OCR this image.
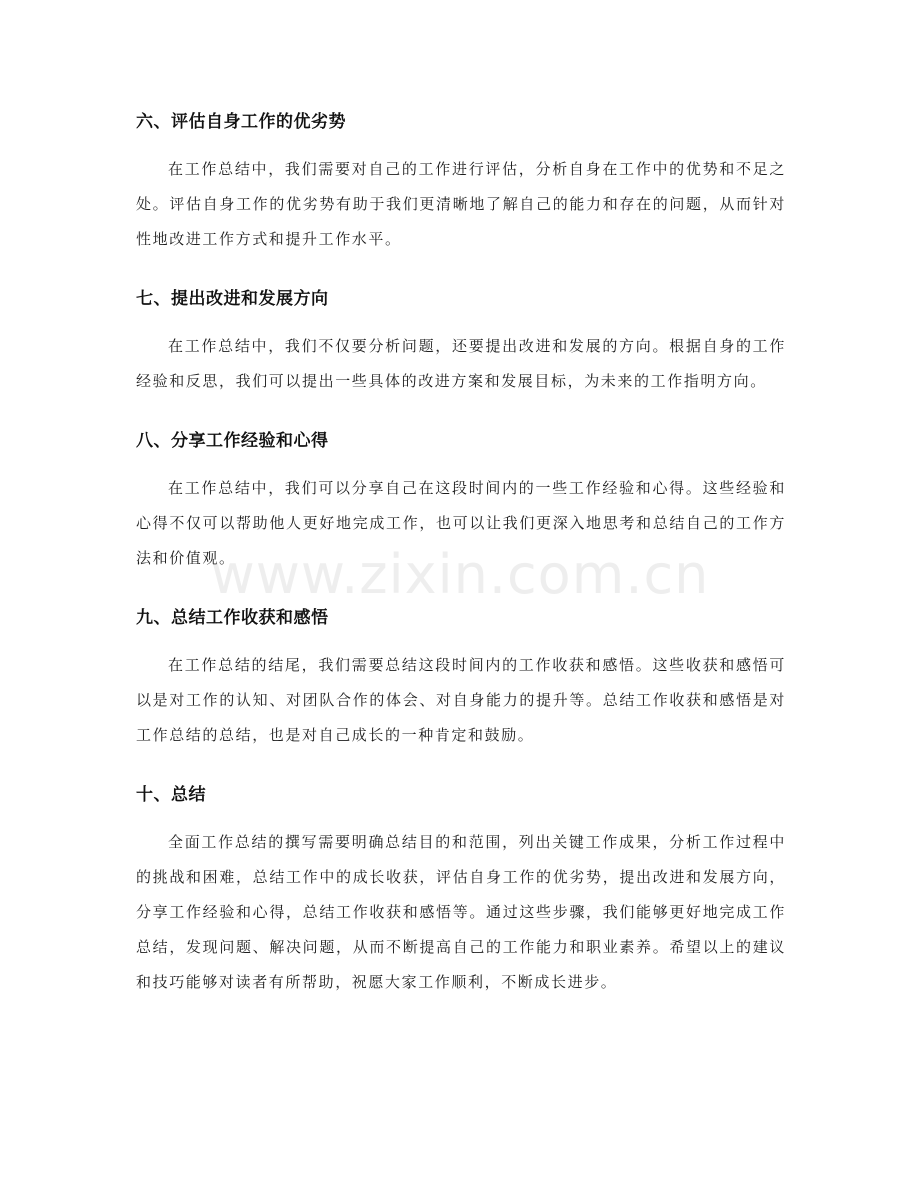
六、评估自身工作的优劣势

在工作总结中，我们需要对自己的工作进行评估，分析自身在工作中的优势和不足之处。评估自身工作的优劣势有助于我们更清晰地了解自己的能力和存在的问题，从而针对性地改进工作方式和提升工作水平。

七、提出改进和发展方向

在工作总结中，我们不仅要分析问题，还要提出改进和发展的方向。根据自身的工作经验和反思，我们可以提出一些具体的改进方案和发展目标，为未来的工作指明方向。

八、分享工作经验和心得

在工作总结中，我们可以分享自己在这段时间内的一些工作经验和心得。这些经验和心得不仅可以帮助他人更好地完成工作，也可以让我们更深入地思考和总结自己的工作方法和价值观。

九、总结工作收获和感悟

在工作总结的结尾，我们需要总结这段时间内的工作收获和感悟。这些收获和感悟可以是对工作的认知、对团队合作的体会、对自身能力的提升等。总结工作收获和感悟是对工作总结的总结，也是对自己成长的一种肯定和鼓励。

十、总结

全面工作总结的撰写需要明确总结目的和范围，列出关键工作成果，分析工作过程中的挑战和困难，总结工作中的成长收获，评估自身工作的优劣势，提出改进和发展方向，分享工作经验和心得，总结工作收获和感悟等。通过这些步骤，我们能够更好地完成工作总结，发现问题、解决问题，从而不断提高自己的工作能力和职业素养。希望以上的建议和技巧能够对读者有所帮助，祝愿大家工作顺利，不断成长进步。

www.zixin.com.cn
